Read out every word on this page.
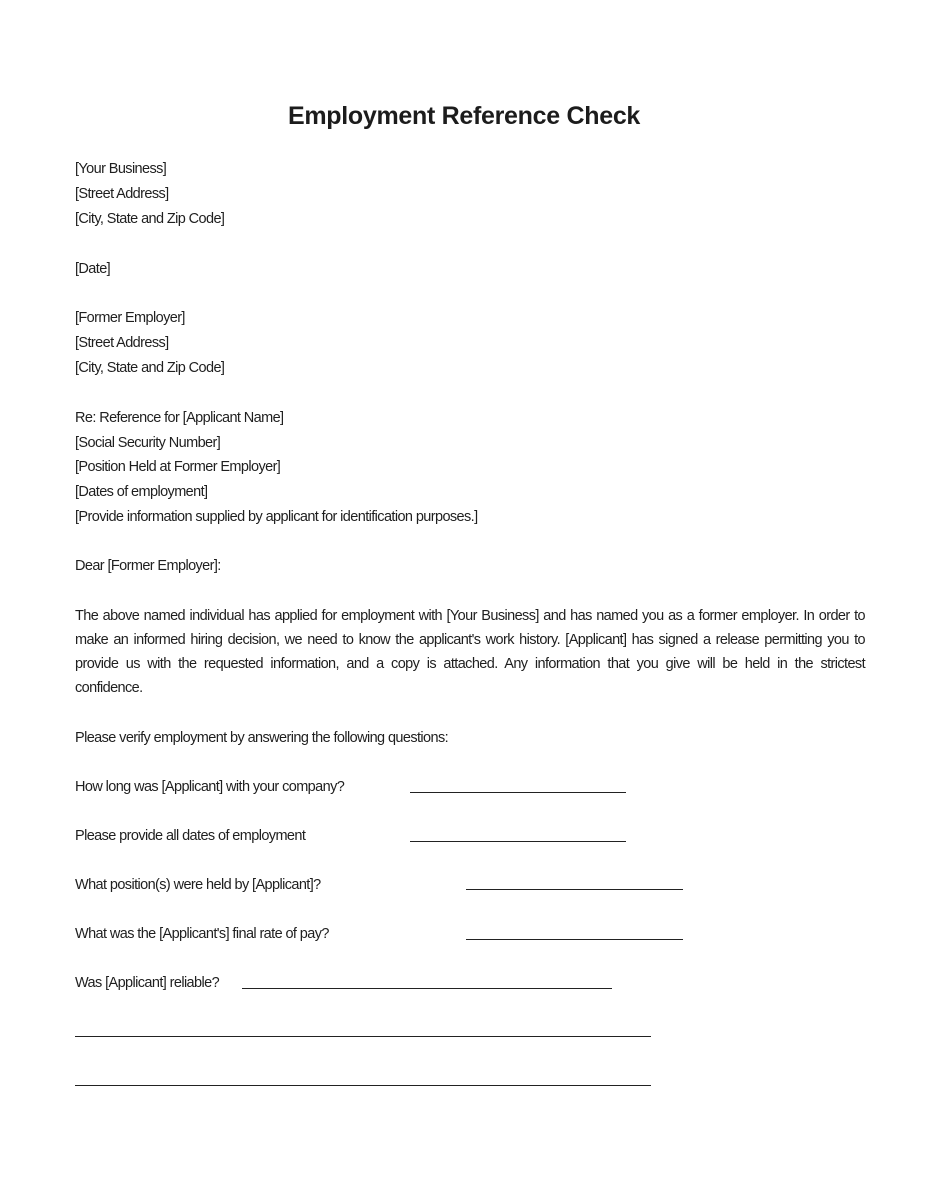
Employment Reference Check
[Your Business]
[Street Address]
[City, State and Zip Code]
[Date]
[Former Employer]
[Street Address]
[City, State and Zip Code]
Re: Reference for [Applicant Name]
[Social Security Number]
[Position Held at Former Employer]
[Dates of employment]
[Provide information supplied by applicant for identification purposes.]
Dear [Former Employer]:
The above named individual has applied for employment with [Your Business] and has named you as a former employer. In order to make an informed hiring decision, we need to know the applicant's work history. [Applicant] has signed a release permitting you to provide us with the requested information, and a copy is attached. Any information that you give will be held in the strictest confidence.
Please verify employment by answering the following questions:
How long was [Applicant] with your company?
Please provide all dates of employment
What position(s) were held by [Applicant]?
What was the [Applicant's] final rate of pay?
Was [Applicant] reliable?
